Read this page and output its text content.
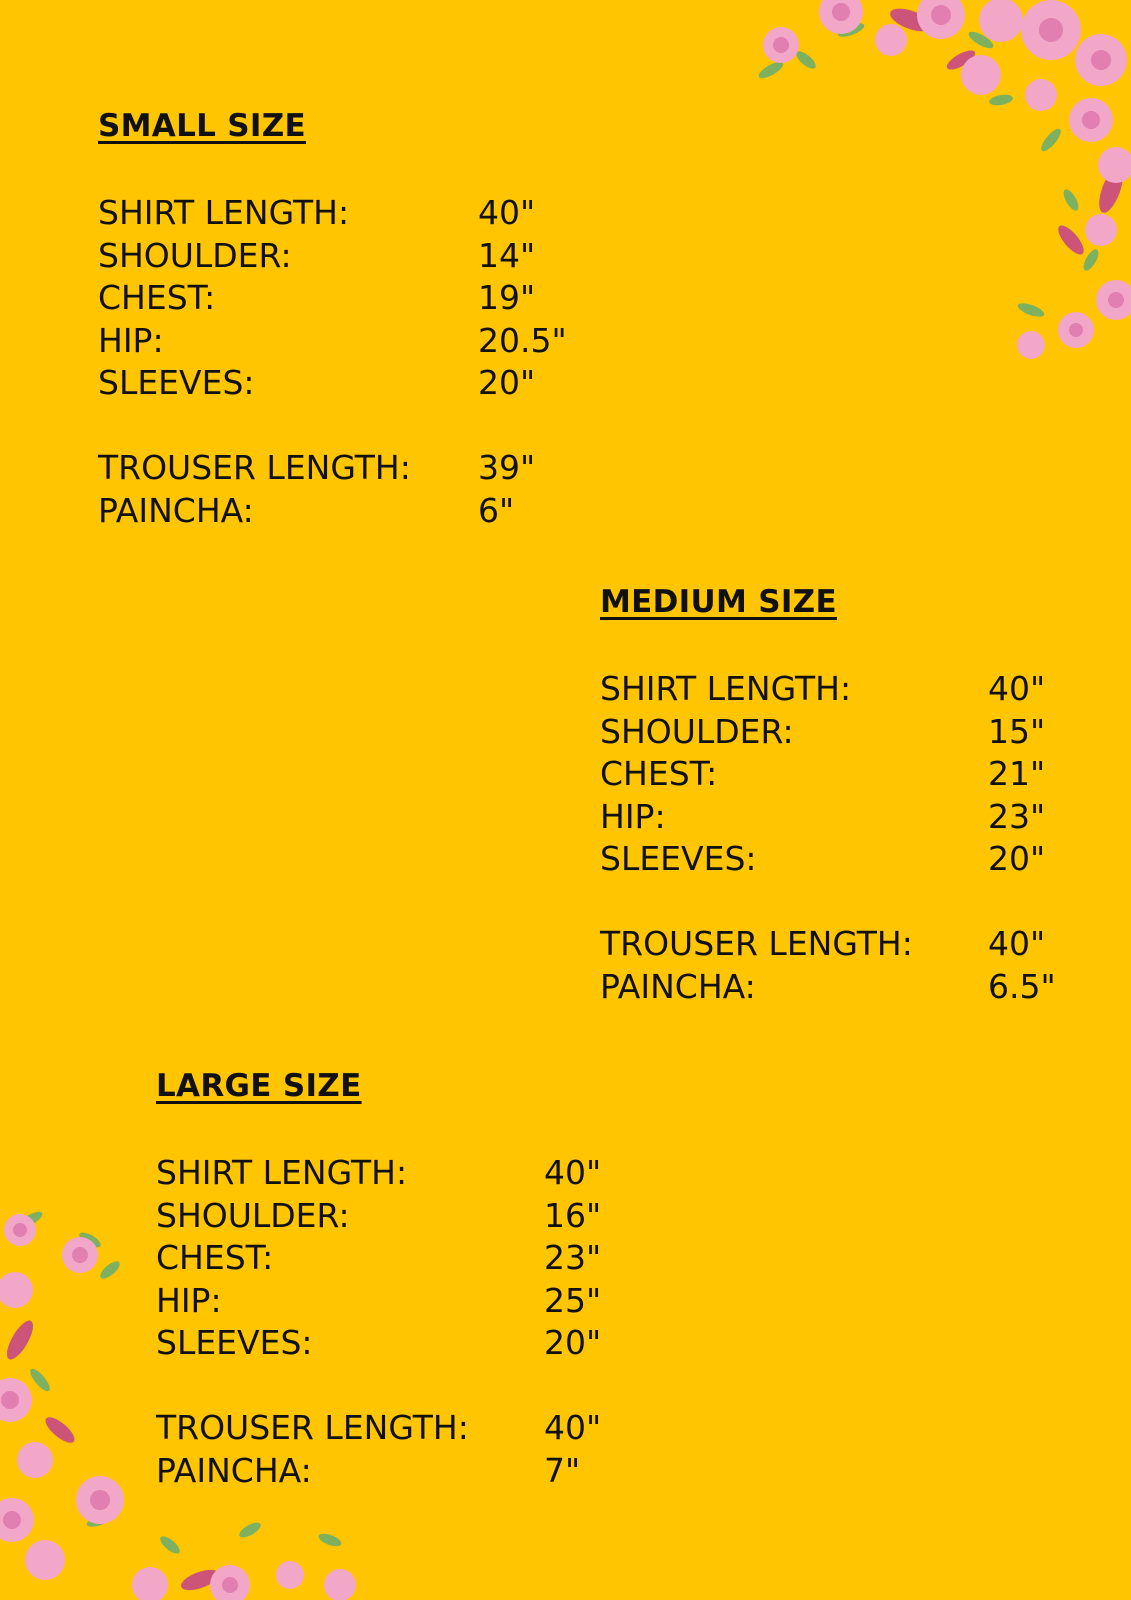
SMALL SIZE
SHIRT LENGTH:	40"
SHOULDER:	14"
CHEST:	19"
HIP:	20.5"
SLEEVES:	20"
TROUSER LENGTH:	39"
PAINCHA:	6"
MEDIUM SIZE
SHIRT LENGTH:	40"
SHOULDER:	15"
CHEST:	21"
HIP:	23"
SLEEVES:	20"
TROUSER LENGTH:	40"
PAINCHA:	6.5"
LARGE SIZE
SHIRT LENGTH:	40"
SHOULDER:	16"
CHEST:	23"
HIP:	25"
SLEEVES:	20"
TROUSER LENGTH:	40"
PAINCHA:	7"
